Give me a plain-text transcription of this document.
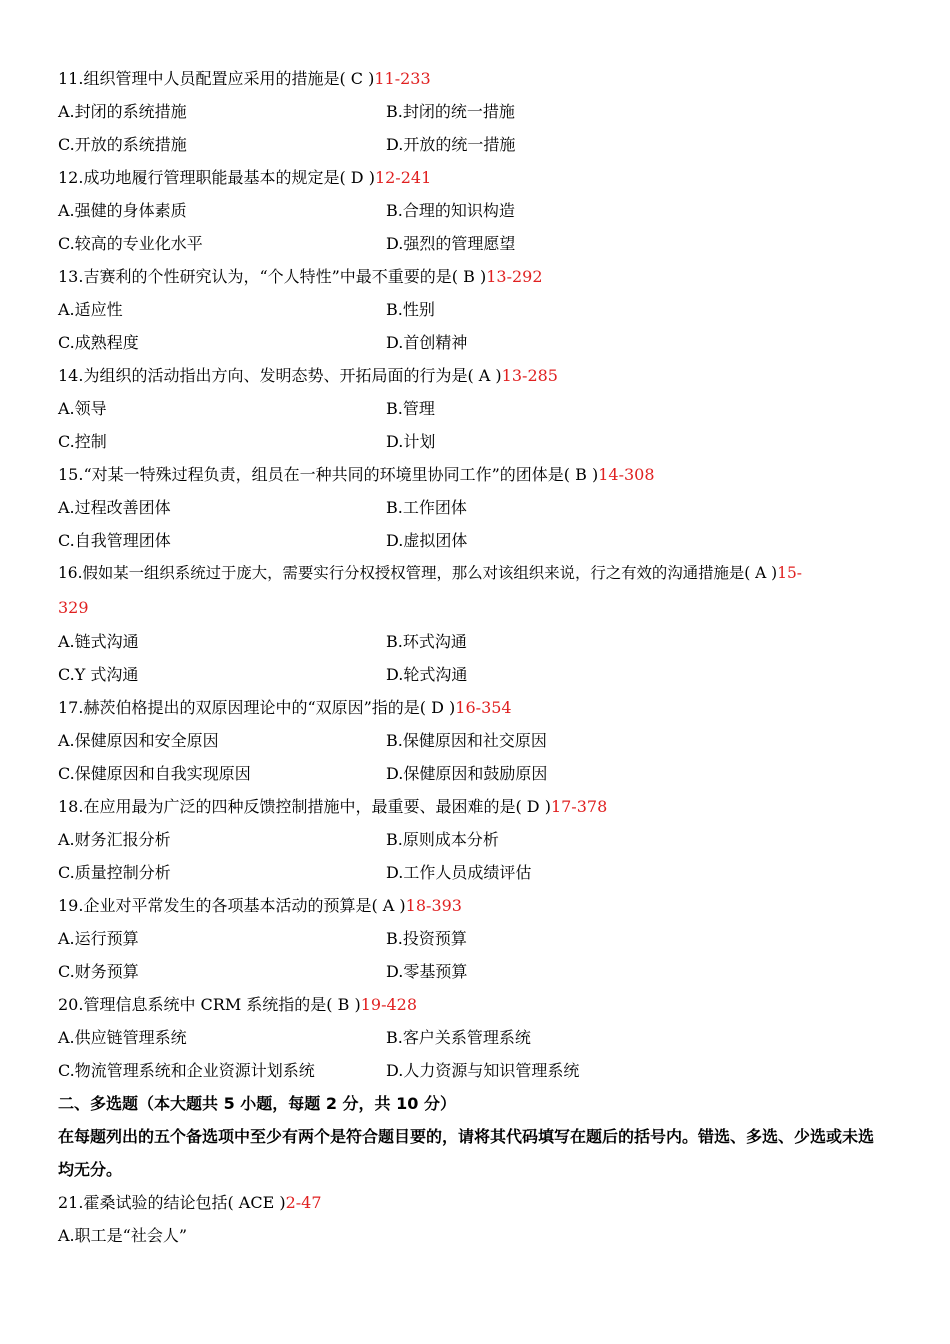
11.组织管理中人员配置应采用的措施是( C )11-233
A.封闭的系统措施	B.封闭的统一措施
C.开放的系统措施	D.开放的统一措施
12.成功地履行管理职能最基本的规定是( D )12-241
A.强健的身体素质	B.合理的知识构造
C.较高的专业化水平	D.强烈的管理愿望
13.吉赛利的个性研究认为，“个人特性”中最不重要的是( B )13-292
A.适应性	B.性别
C.成熟程度	D.首创精神
14.为组织的活动指出方向、发明态势、开拓局面的行为是( A )13-285
A.领导	B.管理
C.控制	D.计划
15.“对某一特殊过程负责，组员在一种共同的环境里协同工作”的团体是( B )14-308
A.过程改善团体	B.工作团体
C.自我管理团体	D.虚拟团体
16.假如某一组织系统过于庞大，需要实行分权授权管理，那么对该组织来说，行之有效的沟通措施是( A )15-
329
A.链式沟通	B.环式沟通
C.Y 式沟通	D.轮式沟通
17.赫茨伯格提出的双原因理论中的“双原因”指的是( D )16-354
A.保健原因和安全原因	B.保健原因和社交原因
C.保健原因和自我实现原因	D.保健原因和鼓励原因
18.在应用最为广泛的四种反馈控制措施中，最重要、最困难的是( D )17-378
A.财务汇报分析	B.原则成本分析
C.质量控制分析	D.工作人员成绩评估
19.企业对平常发生的各项基本活动的预算是( A )18-393
A.运行预算	B.投资预算
C.财务预算	D.零基预算
20.管理信息系统中 CRM 系统指的是( B )19-428
A.供应链管理系统	B.客户关系管理系统
C.物流管理系统和企业资源计划系统	D.人力资源与知识管理系统
二、多选题（本大题共 5 小题，每题 2 分，共 10 分）
在每题列出的五个备选项中至少有两个是符合题目要的，请将其代码填写在题后的括号内。错选、多选、少选或未选均无分。
21.霍桑试验的结论包括( ACE )2-47
A.职工是“社会人”
